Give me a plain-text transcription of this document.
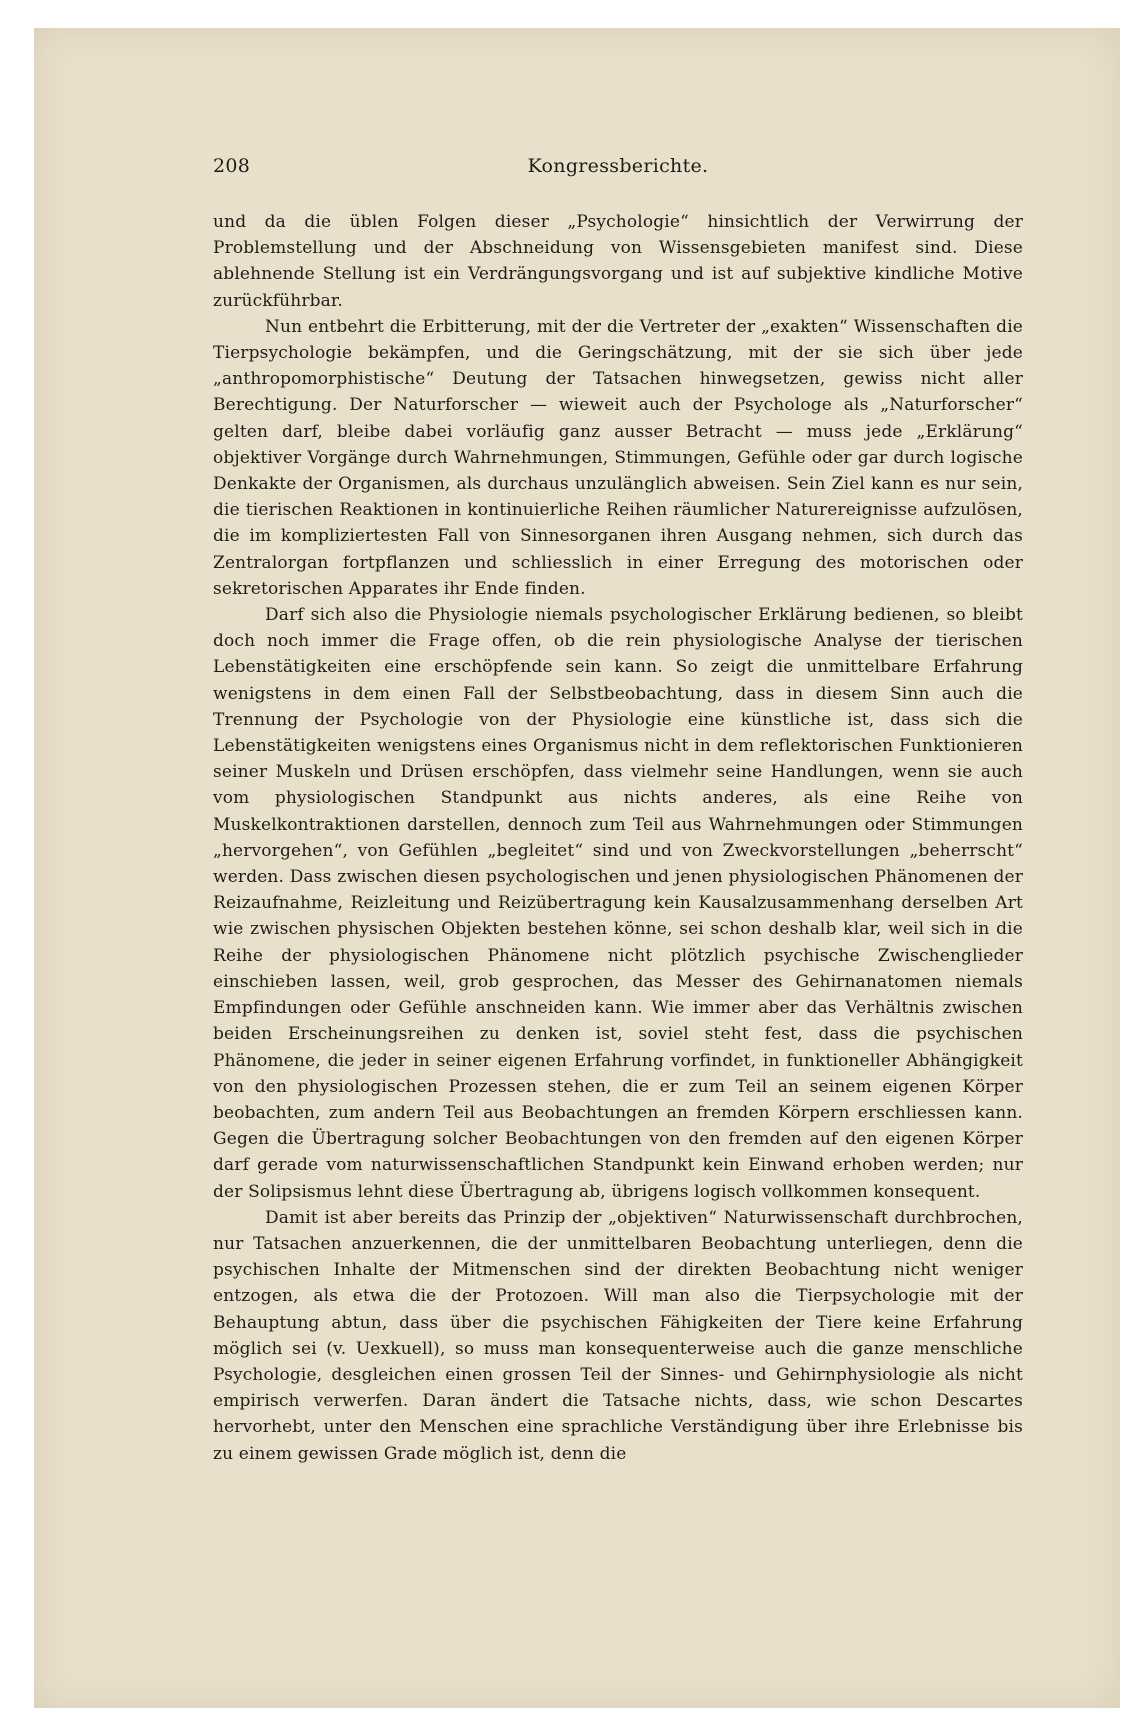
208	Kongressberichte.

und da die üblen Folgen dieser „Psychologie“ hinsichtlich der Verwirrung der Problemstellung und der Abschneidung von Wissensgebieten manifest sind. Diese ablehnende Stellung ist ein Verdrängungsvorgang und ist auf subjektive kindliche Motive zurückführbar.

Nun entbehrt die Erbitterung, mit der die Vertreter der „exakten“ Wissenschaften die Tierpsychologie bekämpfen, und die Geringschätzung, mit der sie sich über jede „anthropomorphistische“ Deutung der Tatsachen hinwegsetzen, gewiss nicht aller Berechtigung. Der Naturforscher — wieweit auch der Psychologe als „Naturforscher“ gelten darf, bleibe dabei vorläufig ganz ausser Betracht — muss jede „Erklärung“ objektiver Vorgänge durch Wahrnehmungen, Stimmungen, Gefühle oder gar durch logische Denkakte der Organismen, als durchaus unzulänglich abweisen. Sein Ziel kann es nur sein, die tierischen Reaktionen in kontinuierliche Reihen räumlicher Naturereignisse aufzulösen, die im kompliziertesten Fall von Sinnesorganen ihren Ausgang nehmen, sich durch das Zentralorgan fortpflanzen und schliesslich in einer Erregung des motorischen oder sekretorischen Apparates ihr Ende finden.

Darf sich also die Physiologie niemals psychologischer Erklärung bedienen, so bleibt doch noch immer die Frage offen, ob die rein physiologische Analyse der tierischen Lebenstätigkeiten eine erschöpfende sein kann. So zeigt die unmittelbare Erfahrung wenigstens in dem einen Fall der Selbstbeobachtung, dass in diesem Sinn auch die Trennung der Psychologie von der Physiologie eine künstliche ist, dass sich die Lebenstätigkeiten wenigstens eines Organismus nicht in dem reflektorischen Funktionieren seiner Muskeln und Drüsen erschöpfen, dass vielmehr seine Handlungen, wenn sie auch vom physiologischen Standpunkt aus nichts anderes, als eine Reihe von Muskelkontraktionen darstellen, dennoch zum Teil aus Wahrnehmungen oder Stimmungen „hervorgehen“, von Gefühlen „begleitet“ sind und von Zweckvorstellungen „beherrscht“ werden. Dass zwischen diesen psychologischen und jenen physiologischen Phänomenen der Reizaufnahme, Reizleitung und Reizübertragung kein Kausalzusammenhang derselben Art wie zwischen physischen Objekten bestehen könne, sei schon deshalb klar, weil sich in die Reihe der physiologischen Phänomene nicht plötzlich psychische Zwischenglieder einschieben lassen, weil, grob gesprochen, das Messer des Gehirnanatomen niemals Empfindungen oder Gefühle anschneiden kann. Wie immer aber das Verhältnis zwischen beiden Erscheinungsreihen zu denken ist, soviel steht fest, dass die psychischen Phänomene, die jeder in seiner eigenen Erfahrung vorfindet, in funktioneller Abhängigkeit von den physiologischen Prozessen stehen, die er zum Teil an seinem eigenen Körper beobachten, zum andern Teil aus Beobachtungen an fremden Körpern erschliessen kann. Gegen die Übertragung solcher Beobachtungen von den fremden auf den eigenen Körper darf gerade vom naturwissenschaftlichen Standpunkt kein Einwand erhoben werden; nur der Solipsismus lehnt diese Übertragung ab, übrigens logisch vollkommen konsequent.

Damit ist aber bereits das Prinzip der „objektiven“ Naturwissenschaft durchbrochen, nur Tatsachen anzuerkennen, die der unmittelbaren Beobachtung unterliegen, denn die psychischen Inhalte der Mitmenschen sind der direkten Beobachtung nicht weniger entzogen, als etwa die der Protozoen. Will man also die Tierpsychologie mit der Behauptung abtun, dass über die psychischen Fähigkeiten der Tiere keine Erfahrung möglich sei (v. Uexkuell), so muss man konsequenterweise auch die ganze menschliche Psychologie, desgleichen einen grossen Teil der Sinnes- und Gehirnphysiologie als nicht empirisch verwerfen. Daran ändert die Tatsache nichts, dass, wie schon Descartes hervorhebt, unter den Menschen eine sprachliche Verständigung über ihre Erlebnisse bis zu einem gewissen Grade möglich ist, denn die
